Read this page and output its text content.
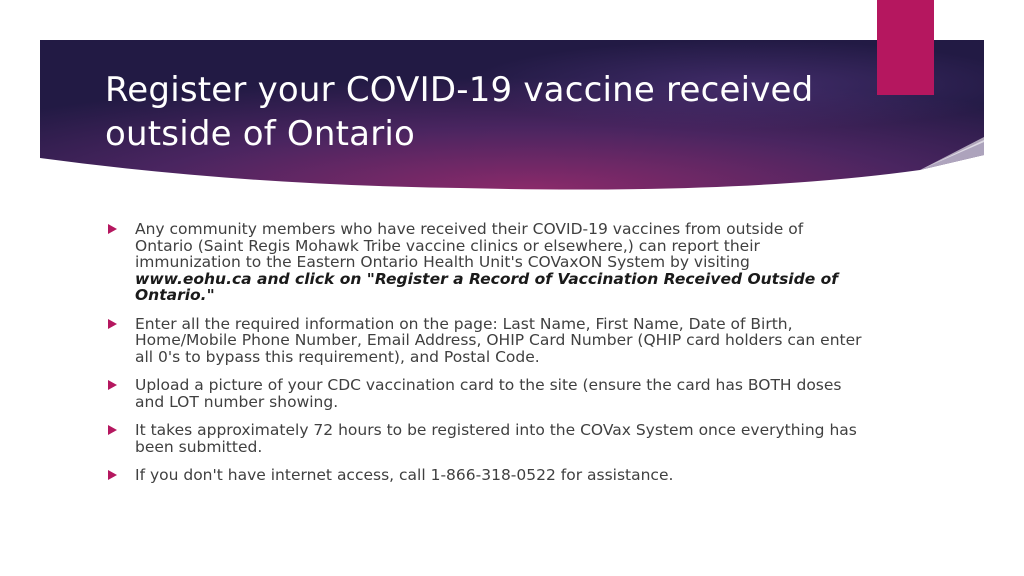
Register your COVID-19 vaccine received outside of Ontario
Any community members who have received their COVID-19 vaccines from outside of Ontario (Saint Regis Mohawk Tribe vaccine clinics or elsewhere,) can report their immunization to the Eastern Ontario Health Unit's COVaxON System by visiting www.eohu.ca and click on "Register a Record of Vaccination Received Outside of Ontario."
Enter all the required information on the page: Last Name, First Name, Date of Birth, Home/Mobile Phone Number, Email Address, OHIP Card Number (QHIP card holders can enter all 0's to bypass this requirement), and Postal Code.
Upload a picture of your CDC vaccination card to the site (ensure the card has BOTH doses and LOT number showing.
It takes approximately 72 hours to be registered into the COVax System once everything has been submitted.
If you don't have internet access, call 1-866-318-0522 for assistance.
